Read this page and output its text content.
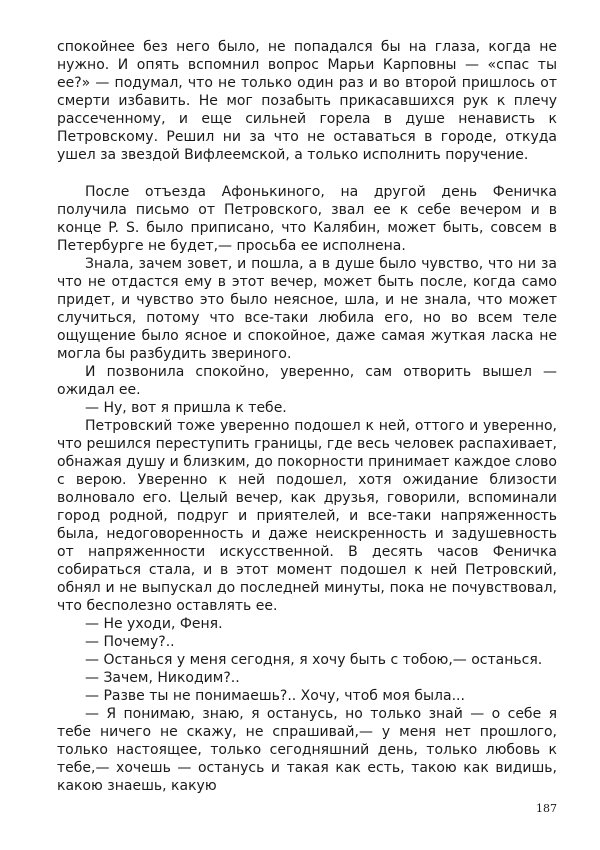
спокойнее без него было, не попадался бы на глаза, когда не нужно. И опять вспомнил вопрос Марьи Карповны — «спас ты ее?» — подумал, что не только один раз и во второй пришлось от смерти избавить. Не мог позабыть прикасавшихся рук к плечу рассеченному, и еще сильней горела в душе ненависть к Петровскому. Решил ни за что не оставаться в городе, откуда ушел за звездой Вифлеемской, а только исполнить поручение.

После отъезда Афонькиного, на другой день Феничка получила письмо от Петровского, звал ее к себе вечером и в конце P. S. было приписано, что Калябин, может быть, совсем в Петербурге не будет,— просьба ее исполнена.

Знала, зачем зовет, и пошла, а в душе было чувство, что ни за что не отдастся ему в этот вечер, может быть после, когда само придет, и чувство это было неясное, шла, и не знала, что может случиться, потому что все-таки любила его, но во всем теле ощущение было ясное и спокойное, даже самая жуткая ласка не могла бы разбудить звериного.

И позвонила спокойно, уверенно, сам отворить вышел — ожидал ее.

— Ну, вот я пришла к тебе.

Петровский тоже уверенно подошел к ней, оттого и уверенно, что решился переступить границы, где весь человек распахивает, обнажая душу и близким, до покорности принимает каждое слово с верою. Уверенно к ней подошел, хотя ожидание близости волновало его. Целый вечер, как друзья, говорили, вспоминали город родной, подруг и приятелей, и все-таки напряженность была, недоговоренность и даже неискренность и задушевность от напряженности искусственной. В десять часов Феничка собираться стала, и в этот момент подошел к ней Петровский, обнял и не выпускал до последней минуты, пока не почувствовал, что бесполезно оставлять ее.

— Не уходи, Феня.

— Почему?..

— Останься у меня сегодня, я хочу быть с тобою,— останься.

— Зачем, Никодим?..

— Разве ты не понимаешь?.. Хочу, чтоб моя была...

— Я понимаю, знаю, я останусь, но только знай — о себе я тебе ничего не скажу, не спрашивай,— у меня нет прошлого, только настоящее, только сегодняшний день, только любовь к тебе,— хочешь — останусь и такая как есть, такою как видишь, какою знаешь, какую

187
